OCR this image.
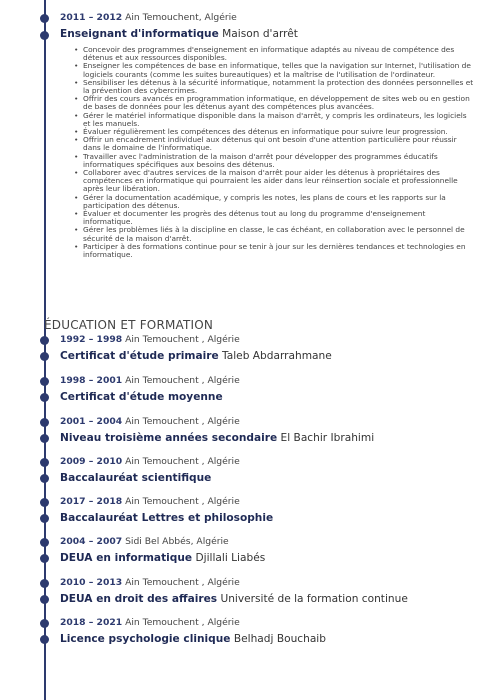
2011 – 2012 Ain Temouchent, Algérie
Enseignant d'informatique Maison d'arrêt
• Concevoir des programmes d'enseignement en informatique adaptés au niveau de compétence des détenus et aux ressources disponibles.
• Enseigner les compétences de base en informatique, telles que la navigation sur Internet, l'utilisation de logiciels courants (comme les suites bureautiques) et la maîtrise de l'utilisation de l'ordinateur.
• Sensibiliser les détenus à la sécurité informatique, notamment la protection des données personnelles et la prévention des cybercrimes.
• Offrir des cours avancés en programmation informatique, en développement de sites web ou en gestion de bases de données pour les détenus ayant des compétences plus avancées.
• Gérer le matériel informatique disponible dans la maison d'arrêt, y compris les ordinateurs, les logiciels et les manuels.
• Évaluer régulièrement les compétences des détenus en informatique pour suivre leur progression.
• Offrir un encadrement individuel aux détenus qui ont besoin d'une attention particulière pour réussir dans le domaine de l'informatique.
• Travailler avec l'administration de la maison d'arrêt pour développer des programmes éducatifs informatiques spécifiques aux besoins des détenus.
• Collaborer avec d'autres services de la maison d'arrêt pour aider les détenus à propriétaires des compétences en informatique qui pourraient les aider dans leur réinsertion sociale et professionnelle après leur libération.
• Gérer la documentation académique, y compris les notes, les plans de cours et les rapports sur la participation des détenus.
• Évaluer et documenter les progrès des détenus tout au long du programme d'enseignement informatique.
• Gérer les problèmes liés à la discipline en classe, le cas échéant, en collaboration avec le personnel de sécurité de la maison d'arrêt.
• Participer à des formations continue pour se tenir à jour sur les dernières tendances et technologies en informatique.
ÉDUCATION ET FORMATION
1992 – 1998 Ain Temouchent , Algérie
Certificat d'étude primaire Taleb Abdarrahmane
1998 – 2001 Ain Temouchent , Algérie
Certificat d'étude moyenne
2001 – 2004 Ain Temouchent , Algérie
Niveau troisième années secondaire El Bachir Ibrahimi
2009 – 2010 Ain Temouchent , Algérie
Baccalauréat scientifique
2017 – 2018 Ain Temouchent , Algérie
Baccalauréat Lettres et philosophie
2004 – 2007 Sidi Bel Abbés, Algérie
DEUA en informatique Djillali Liabés
2010 – 2013 Ain Temouchent , Algérie
DEUA en droit des affaires Université de la formation continue
2018 – 2021 Ain Temouchent , Algérie
Licence psychologie clinique Belhadj Bouchaib
